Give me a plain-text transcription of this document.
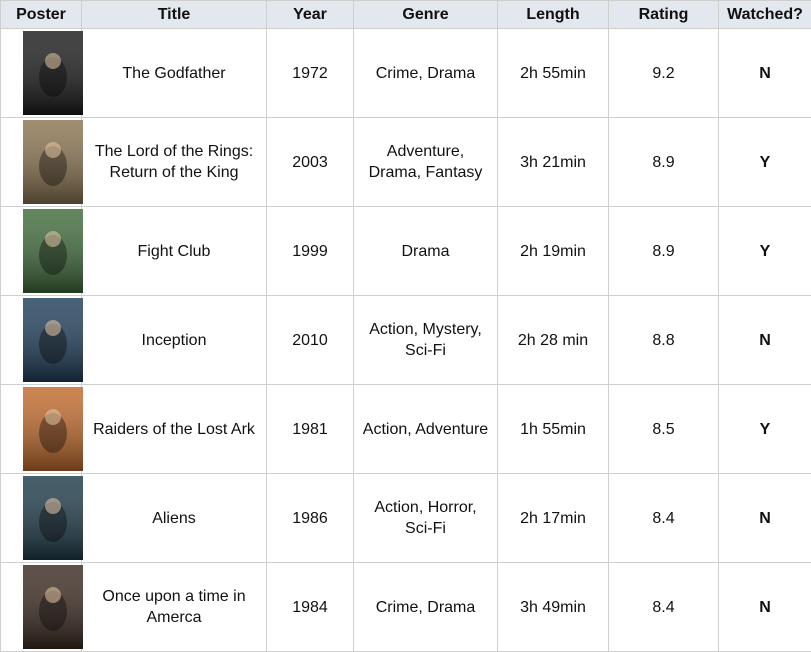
Poster	Title	Year	Genre	Length	Rating	Watched?

	The Godfather	1972	Crime, Drama	2h 55min	9.2	N

	The Lord of the Rings: Return of the King	2003	Adventure, Drama, Fantasy	3h 21min	8.9	Y

	Fight Club	1999	Drama	2h 19min	8.9	Y

	Inception	2010	Action, Mystery, Sci-Fi	2h 28 min	8.8	N

	Raiders of the Lost Ark	1981	Action, Adventure	1h 55min	8.5	Y

	Aliens	1986	Action, Horror, Sci-Fi	2h 17min	8.4	N

	Once upon a time in Amerca	1984	Crime, Drama	3h 49min	8.4	N
